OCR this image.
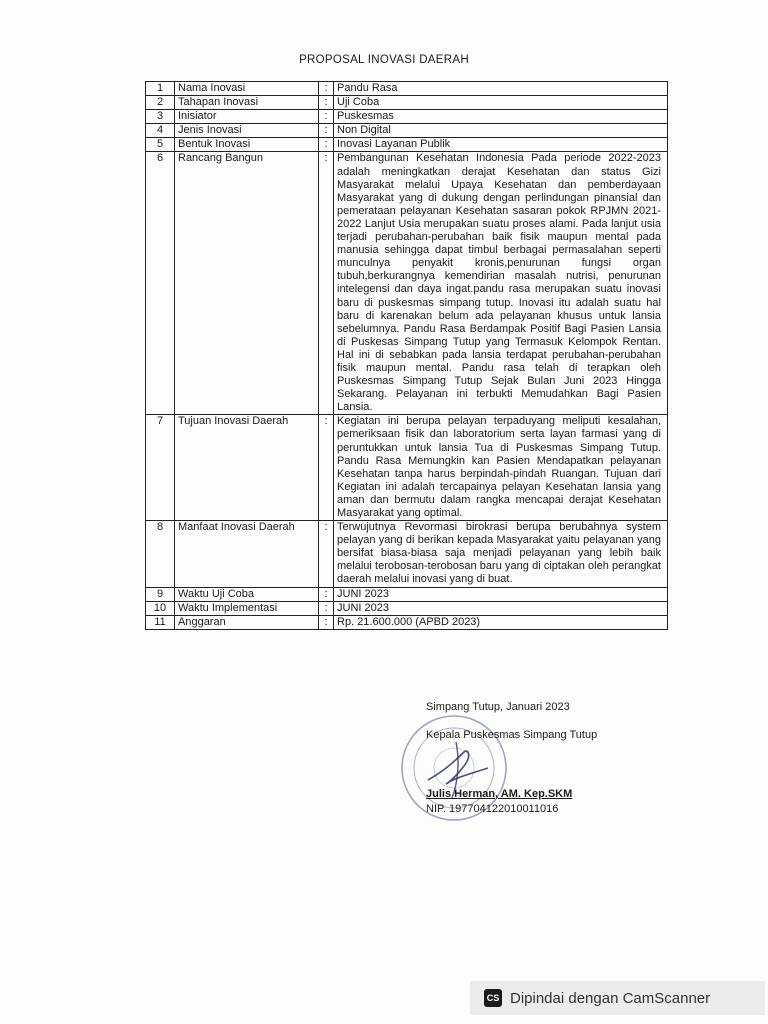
PROPOSAL INOVASI DAERAH
1	Nama Inovasi	:	Pandu Rasa
2	Tahapan Inovasi	:	Uji Coba
3	Inisiator	:	Puskesmas
4	Jenis Inovasi	:	Non Digital
5	Bentuk Inovasi	:	Inovasi Layanan Publik
6	Rancang Bangun	:	Pembangunan Kesehatan Indonesia Pada periode 2022-2023 adalah meningkatkan derajat Kesehatan dan status Gizi Masyarakat melalui Upaya Kesehatan dan pemberdayaan Masyarakat yang di dukung dengan perlindungan pinansial dan pemerataan pelayanan Kesehatan sasaran pokok RPJMN 2021-2022 Lanjut Usia merupakan suatu proses alami. Pada lanjut usia terjadi perubahan-perubahan baik fisik maupun mental pada manusia sehingga dapat timbul berbagai permasalahan seperti munculnya penyakit kronis,penurunan fungsi organ tubuh,berkurangnya kemendirian masalah nutrisi, penurunan intelegensi dan daya ingat.pandu rasa merupakan suatu inovasi baru di puskesmas simpang tutup. Inovasi itu adalah suatu hal baru di karenakan belum ada pelayanan khusus untuk lansia sebelumnya. Pandu Rasa Berdampak Positif Bagi Pasien Lansia di Puskesas Simpang Tutup yang Termasuk Kelompok Rentan. Hal ini di sebabkan pada lansia terdapat perubahan-perubahan fisik maupun mental. Pandu rasa telah di terapkan oleh Puskesmas Simpang Tutup Sejak Bulan Juni 2023 Hingga Sekarang. Pelayanan ini terbukti Memudahkan Bagi Pasien Lansia.
7	Tujuan Inovasi Daerah	:	Kegiatan ini berupa pelayan terpaduyang meliputi kesalahan, pemeriksaan fisik dan laboratorium serta layan farmasi yang di peruntukkan untuk lansia Tua di Puskesmas Simpang Tutup. Pandu Rasa Memungkin kan Pasien Mendapatkan pelayanan Kesehatan tanpa harus berpindah-pindah Ruangan. Tujuan dari Kegiatan ini adalah tercapainya pelayan Kesehatan lansia yang aman dan bermutu dalam rangka mencapai derajat Kesehatan Masyarakat yang optimal.
8	Manfaat Inovasi Daerah	:	Terwujutnya Revormasi birokrasi berupa berubahnya system pelayan yang di berikan kepada Masyarakat yaitu pelayanan yang bersifat biasa-biasa saja menjadi pelayanan yang lebih baik melalui terobosan-terobosan baru yang di ciptakan oleh perangkat daerah melalui inovasi yang di buat.
9	Waktu Uji Coba	:	JUNI 2023
10	Waktu Implementasi	:	JUNI 2023
11	Anggaran	:	Rp. 21.600.000 (APBD 2023)

Simpang Tutup, Januari 2023

Kepala Puskesmas Simpang Tutup

Julis Herman, AM. Kep.SKM

NIP. 197704122010011016

CS Dipindai dengan CamScanner
